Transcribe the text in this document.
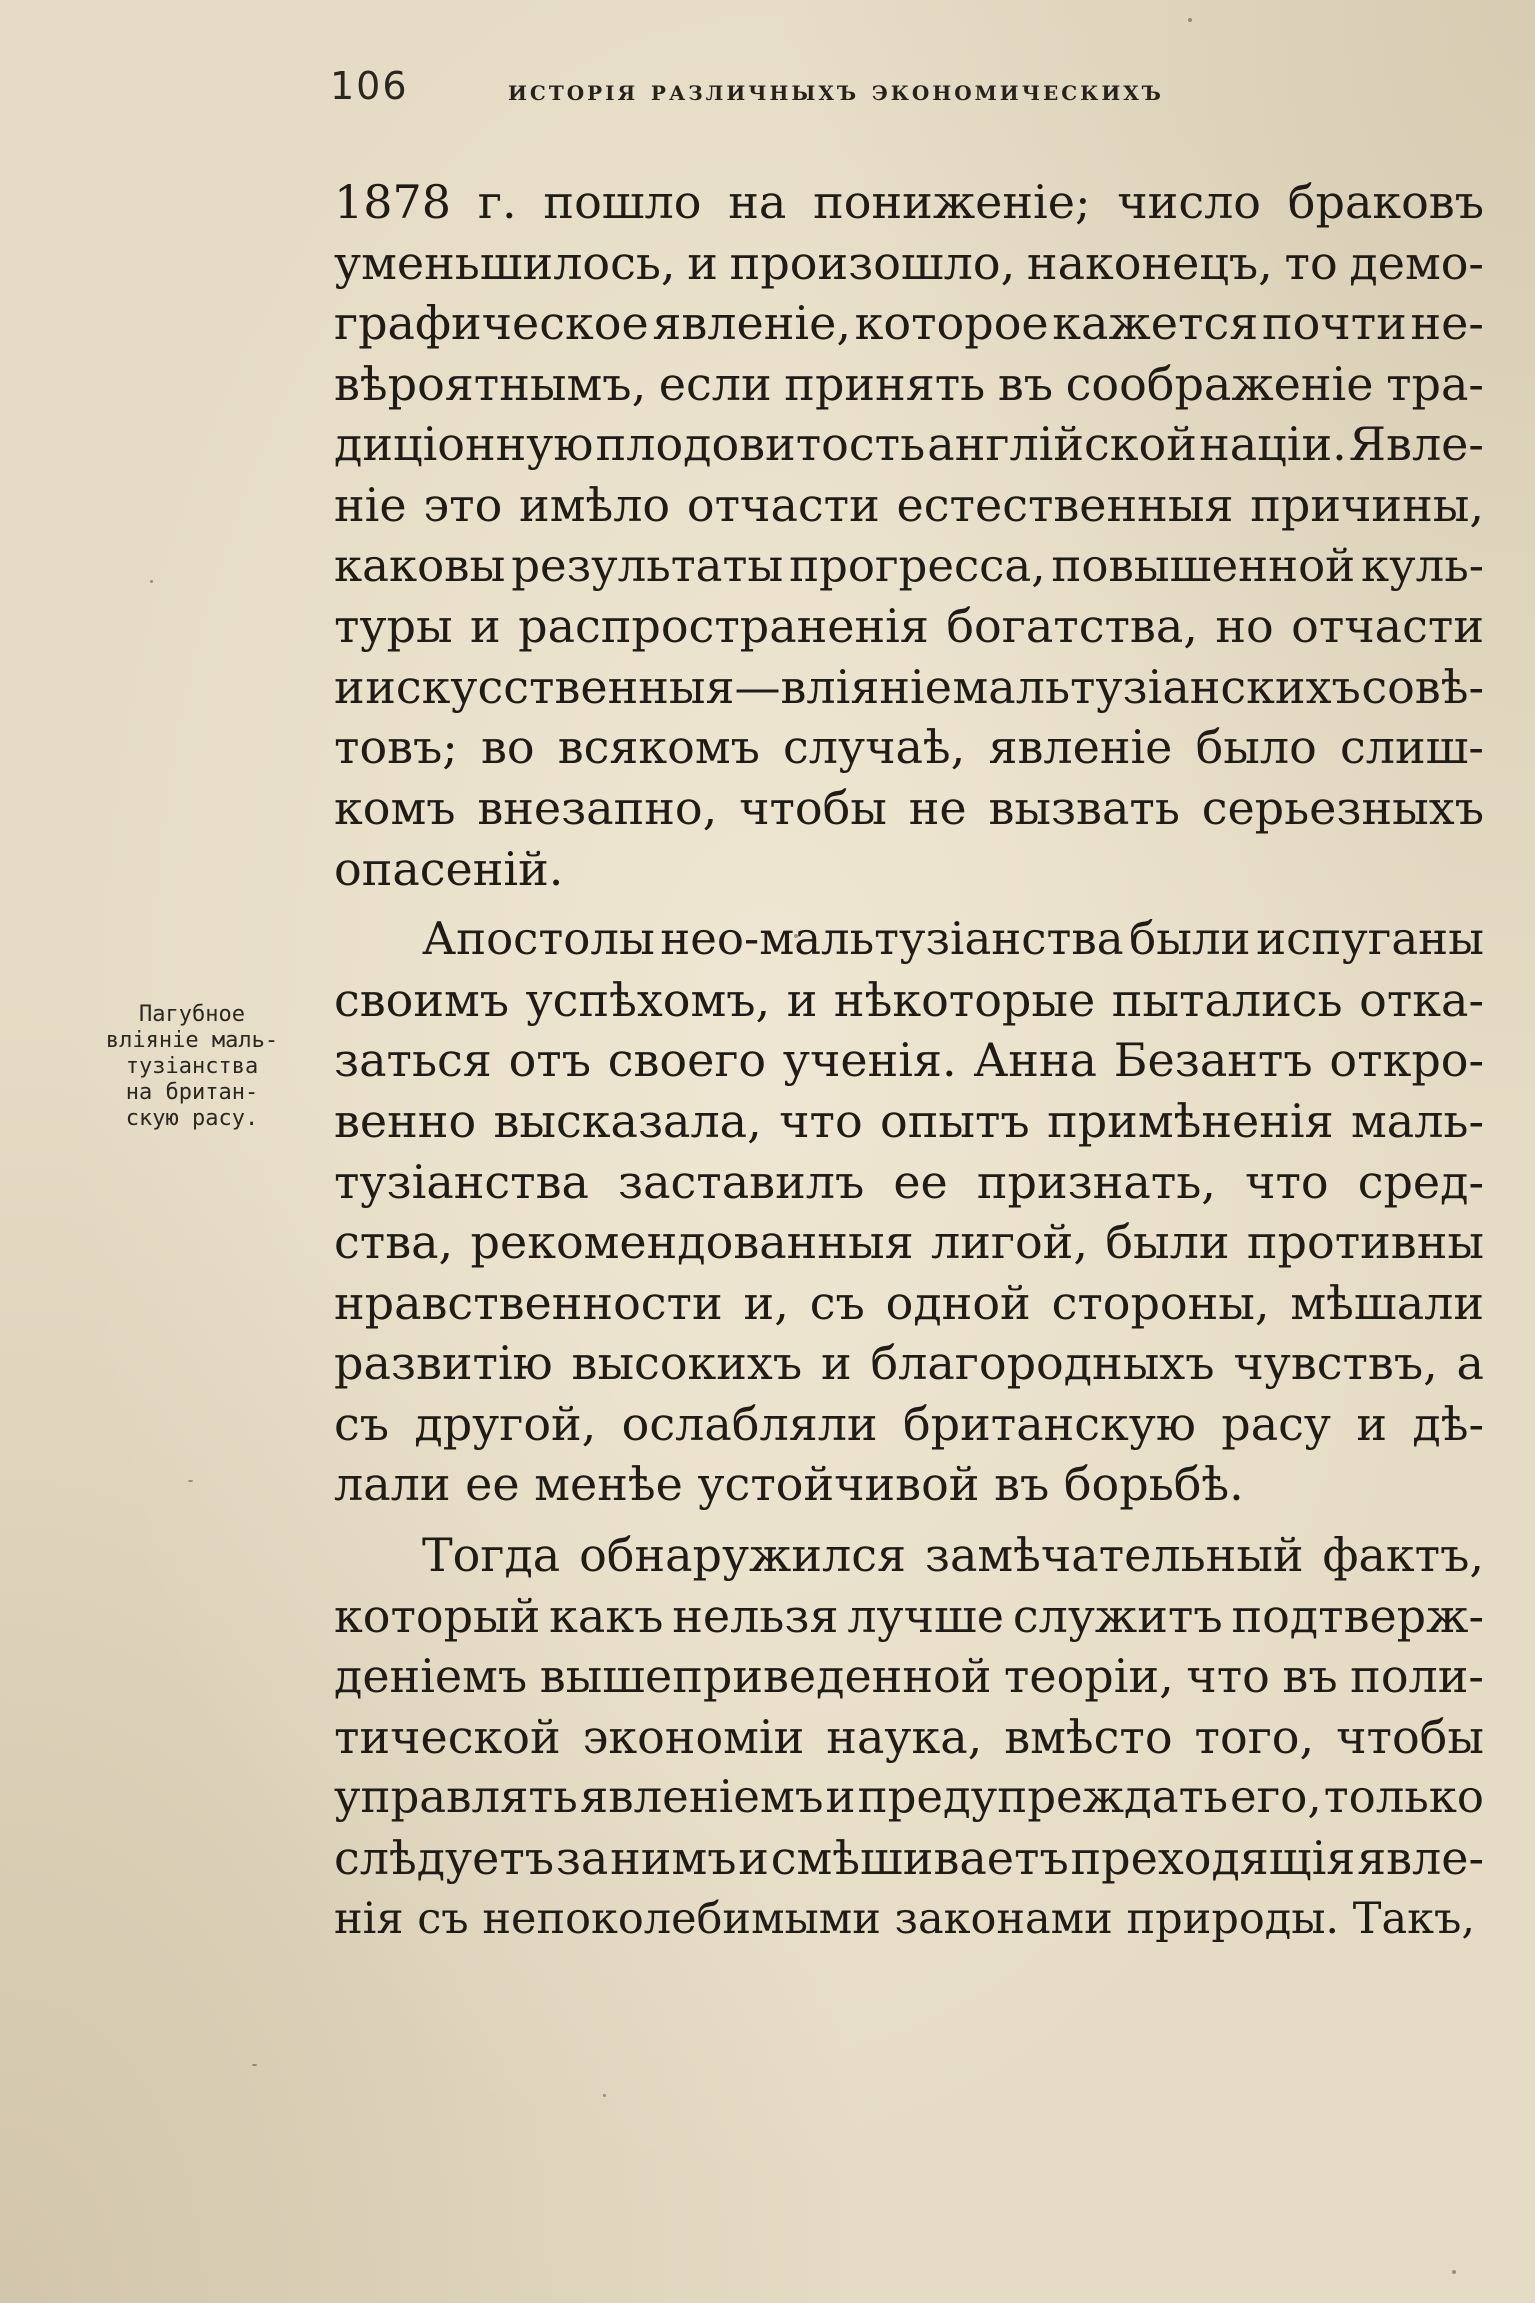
106	исторія различныхъ экономическихъ
Пагубное
вліяніе маль-
тузіанства
на британ-
скую расу.
1878 г. пошло на пониженіе; число браковъ
уменьшилось, и произошло, наконецъ, то демо-
графическое явленіе, которое кажется почти не-
вѣроятнымъ, если принять въ соображеніе тра-
диціонную плодовитость англійской націи. Явле-
ніе это имѣло отчасти естественныя причины,
каковы результаты прогресса, повышенной куль-
туры и распространенія богатства, но отчасти
и искусственныя—вліяніе мальтузіанскихъ совѣ-
товъ; во всякомъ случаѣ, явленіе было слиш-
комъ внезапно, чтобы не вызвать серьезныхъ
опасеній.
Апостолы нео-мальтузіанства были испуганы
своимъ успѣхомъ, и нѣкоторые пытались отка-
заться отъ своего ученія. Анна Безантъ откро-
венно высказала, что опытъ примѣненія маль-
тузіанства заставилъ ее признать, что сред-
ства, рекомендованныя лигой, были противны
нравственности и, съ одной стороны, мѣшали
развитію высокихъ и благородныхъ чувствъ, а
съ другой, ослабляли британскую расу и дѣ-
лали
ее
менѣе
устойчивой
въ
борьбѣ.
Тогда обнаружился замѣчательный фактъ,
который какъ нельзя лучше служитъ подтверж-
деніемъ вышеприведенной теоріи, что въ поли-
тической экономіи наука, вмѣсто того, чтобы
управлять явленіемъ и предупреждать его, только
слѣдуетъ за нимъ и смѣшиваетъ преходящія явле-
нія
съ
непоколебимыми
законами
природы.
Такъ,
